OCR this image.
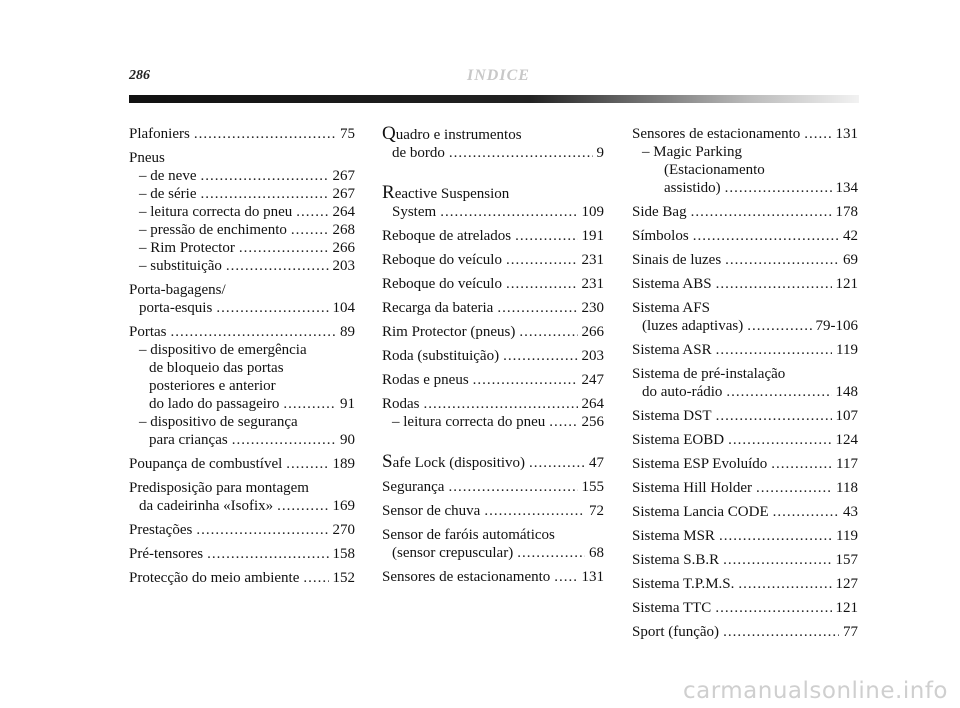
286	INDICE
Plafoniers .....	75
Pneus
– de neve .....	267
– de série .....	267
– leitura correcta do pneu .....	264
– pressão de enchimento .....	268
– Rim Protector .....	266
– substituição .....	203
Porta-bagagens/
porta-esquis .....	104
Portas .....	89
– dispositivo de emergência
de bloqueio das portas
posteriores e anterior
do lado do passageiro .....	91
– dispositivo de segurança
para crianças .....	90
Poupança de combustível .....	189
Predisposição para montagem
da cadeirinha «Isofix» .....	169
Prestações .....	270
Pré-tensores .....	158
Protecção do meio ambiente ..... 152
Quadro e instrumentos
de bordo .....	9
Reactive Suspension
System .....	109
Reboque de atrelados .....	191
Reboque do veículo .....	231
Reboque do veículo .....	231
Recarga da bateria .....	230
Rim Protector (pneus) .....	266
Roda (substituição) .....	203
Rodas e pneus .....	247
Rodas .....	264
– leitura correcta do pneu ..... 256
Safe Lock (dispositivo) .....	47
Segurança .....	155
Sensor de chuva .....	72
Sensor de faróis automáticos
(sensor crepuscular) .....	68
Sensores de estacionamento ..... 131
Sensores de estacionamento ..... 131
– Magic Parking
(Estacionamento
assistido) .....	134
Side Bag .....	178
Símbolos .....	42
Sinais de luzes .....	69
Sistema ABS .....	121
Sistema AFS
(luzes adaptivas) .....	79-106
Sistema ASR .....	119
Sistema de pré-instalação
do auto-rádio .....	148
Sistema DST .....	107
Sistema EOBD .....	124
Sistema ESP Evoluído .....	117
Sistema Hill Holder .....	118
Sistema Lancia CODE .....	43
Sistema MSR .....	119
Sistema S.B.R .....	157
Sistema T.P.M.S. .....	127
Sistema TTC .....	121
Sport (função) .....	77
carmanualsonline.info
